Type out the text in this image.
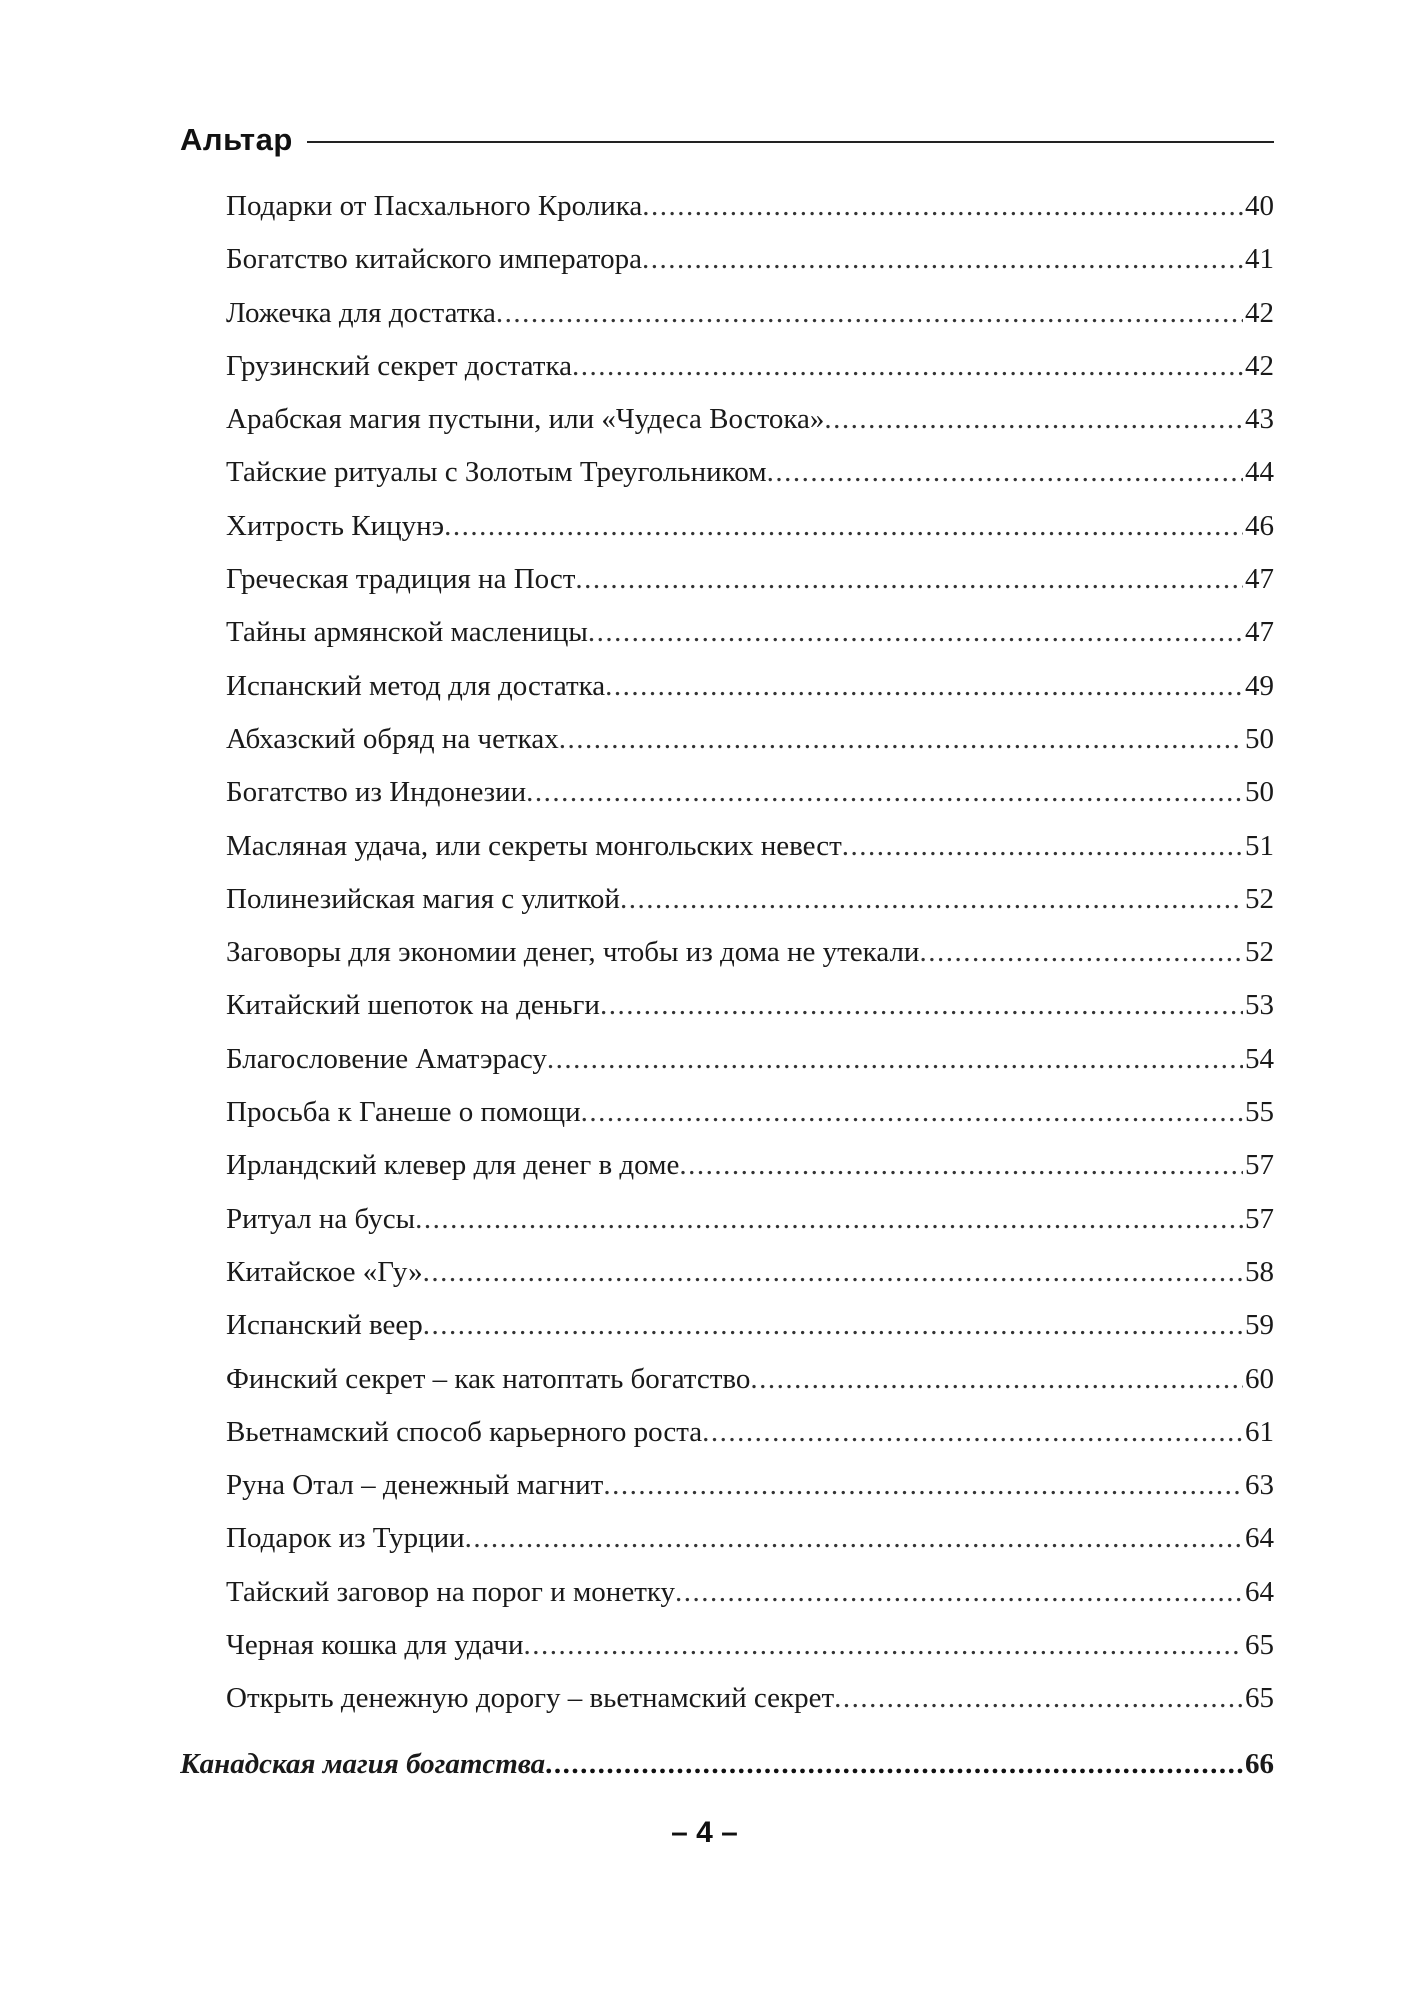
Альтар
Подарки от Пасхального Кролика .....	40
Богатство китайского императора .....	41
Ложечка для достатка .....	42
Грузинский секрет достатка .....	42
Арабская магия пустыни, или «Чудеса Востока» .....	43
Тайские ритуалы с Золотым Треугольником .....	44
Хитрость Кицунэ .....	46
Греческая традиция на Пост .....	47
Тайны армянской масленицы .....	47
Испанский метод для достатка .....	49
Абхазский обряд на четках .....	50
Богатство из Индонезии .....	50
Масляная удача, или секреты монгольских невест .....	51
Полинезийская магия с улиткой .....	52
Заговоры для экономии денег, чтобы из дома не утекали .....	52
Китайский шепоток на деньги .....	53
Благословение Аматэрасу .....	54
Просьба к Ганеше о помощи .....	55
Ирландский клевер для денег в доме .....	57
Ритуал на бусы .....	57
Китайское «Гу» .....	58
Испанский веер .....	59
Финский секрет – как натоптать богатство .....	60
Вьетнамский способ карьерного роста .....	61
Руна Отал – денежный магнит .....	63
Подарок из Турции .....	64
Тайский заговор на порог и монетку .....	64
Черная кошка для удачи .....	65
Открыть денежную дорогу – вьетнамский секрет .....	65
Канадская магия богатства .....	66
– 4 –
